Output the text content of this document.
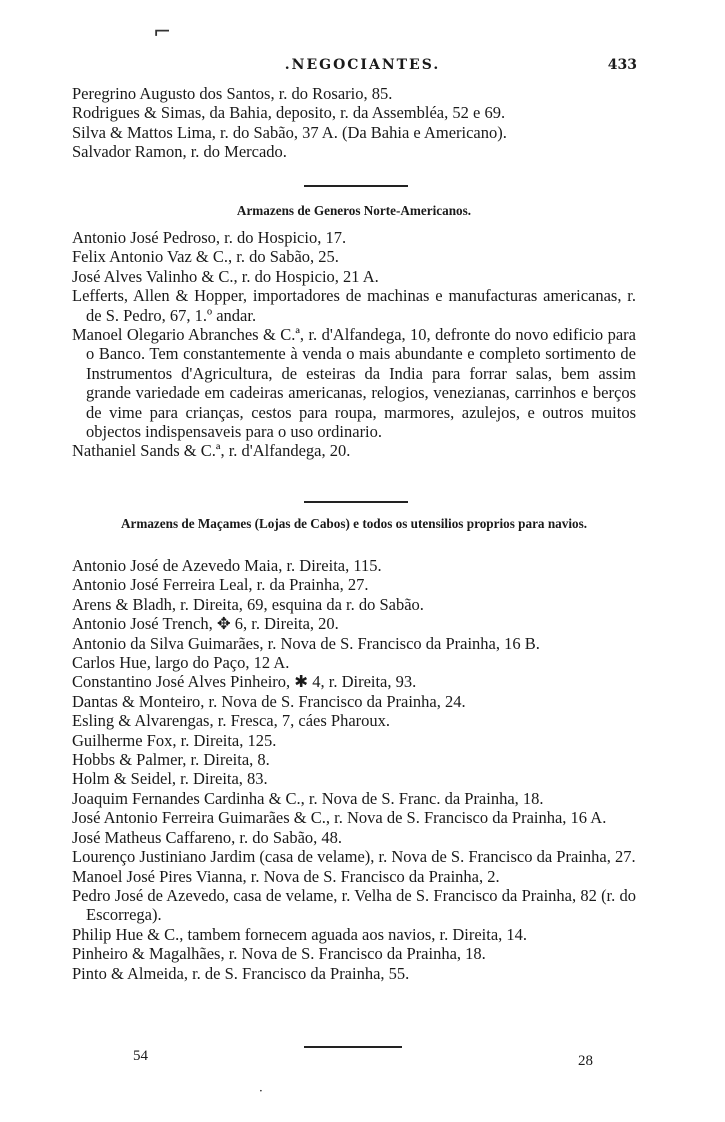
⌐
.NEGOCIANTES.	433

Peregrino Augusto dos Santos, r. do Rosario, 85.

Rodrigues & Simas, da Bahia, deposito, r. da Assembléa, 52 e 69.

Silva & Mattos Lima, r. do Sabão, 37 A. (Da Bahia e Americano).

Salvador Ramon, r. do Mercado.

Armazens de Generos Norte-Americanos.

Antonio José Pedroso, r. do Hospicio, 17.

Felix Antonio Vaz & C., r. do Sabão, 25.

José Alves Valinho & C., r. do Hospicio, 21 A.

Lefferts, Allen & Hopper, importadores de machinas e manufacturas americanas, r. de S. Pedro, 67, 1.º andar.

Manoel Olegario Abranches & C.ª, r. d'Alfandega, 10, defronte do novo edificio para o Banco. Tem constantemente à venda o mais abundante e completo sortimento de Instrumentos d'Agricultura, de esteiras da India para forrar salas, bem assim grande variedade em cadeiras americanas, relogios, venezianas, carrinhos e berços de vime para crianças, cestos para roupa, marmores, azulejos, e outros muitos objectos indispensaveis para o uso ordinario.

Nathaniel Sands & C.ª, r. d'Alfandega, 20.

Armazens de Maçames (Lojas de Cabos) e todos os utensilios proprios para navios.

Antonio José de Azevedo Maia, r. Direita, 115.

Antonio José Ferreira Leal, r. da Prainha, 27.

Arens & Bladh, r. Direita, 69, esquina da r. do Sabão.

Antonio José Trench, ✥ 6, r. Direita, 20.

Antonio da Silva Guimarães, r. Nova de S. Francisco da Prainha, 16 B.

Carlos Hue, largo do Paço, 12 A.

Constantino José Alves Pinheiro, ✱ 4, r. Direita, 93.

Dantas & Monteiro, r. Nova de S. Francisco da Prainha, 24.

Esling & Alvarengas, r. Fresca, 7, cáes Pharoux.

Guilherme Fox, r. Direita, 125.

Hobbs & Palmer, r. Direita, 8.

Holm & Seidel, r. Direita, 83.

Joaquim Fernandes Cardinha & C., r. Nova de S. Franc. da Prainha, 18.

José Antonio Ferreira Guimarães & C., r. Nova de S. Francisco da Prainha, 16 A.

José Matheus Caffareno, r. do Sabão, 48.

Lourenço Justiniano Jardim (casa de velame), r. Nova de S. Francisco da Prainha, 27.

Manoel José Pires Vianna, r. Nova de S. Francisco da Prainha, 2.

Pedro José de Azevedo, casa de velame, r. Velha de S. Francisco da Prainha, 82 (r. do Escorrega).

Philip Hue & C., tambem fornecem aguada aos navios, r. Direita, 14.

Pinheiro & Magalhães, r. Nova de S. Francisco da Prainha, 18.

Pinto & Almeida, r. de S. Francisco da Prainha, 55.

54	28
·
